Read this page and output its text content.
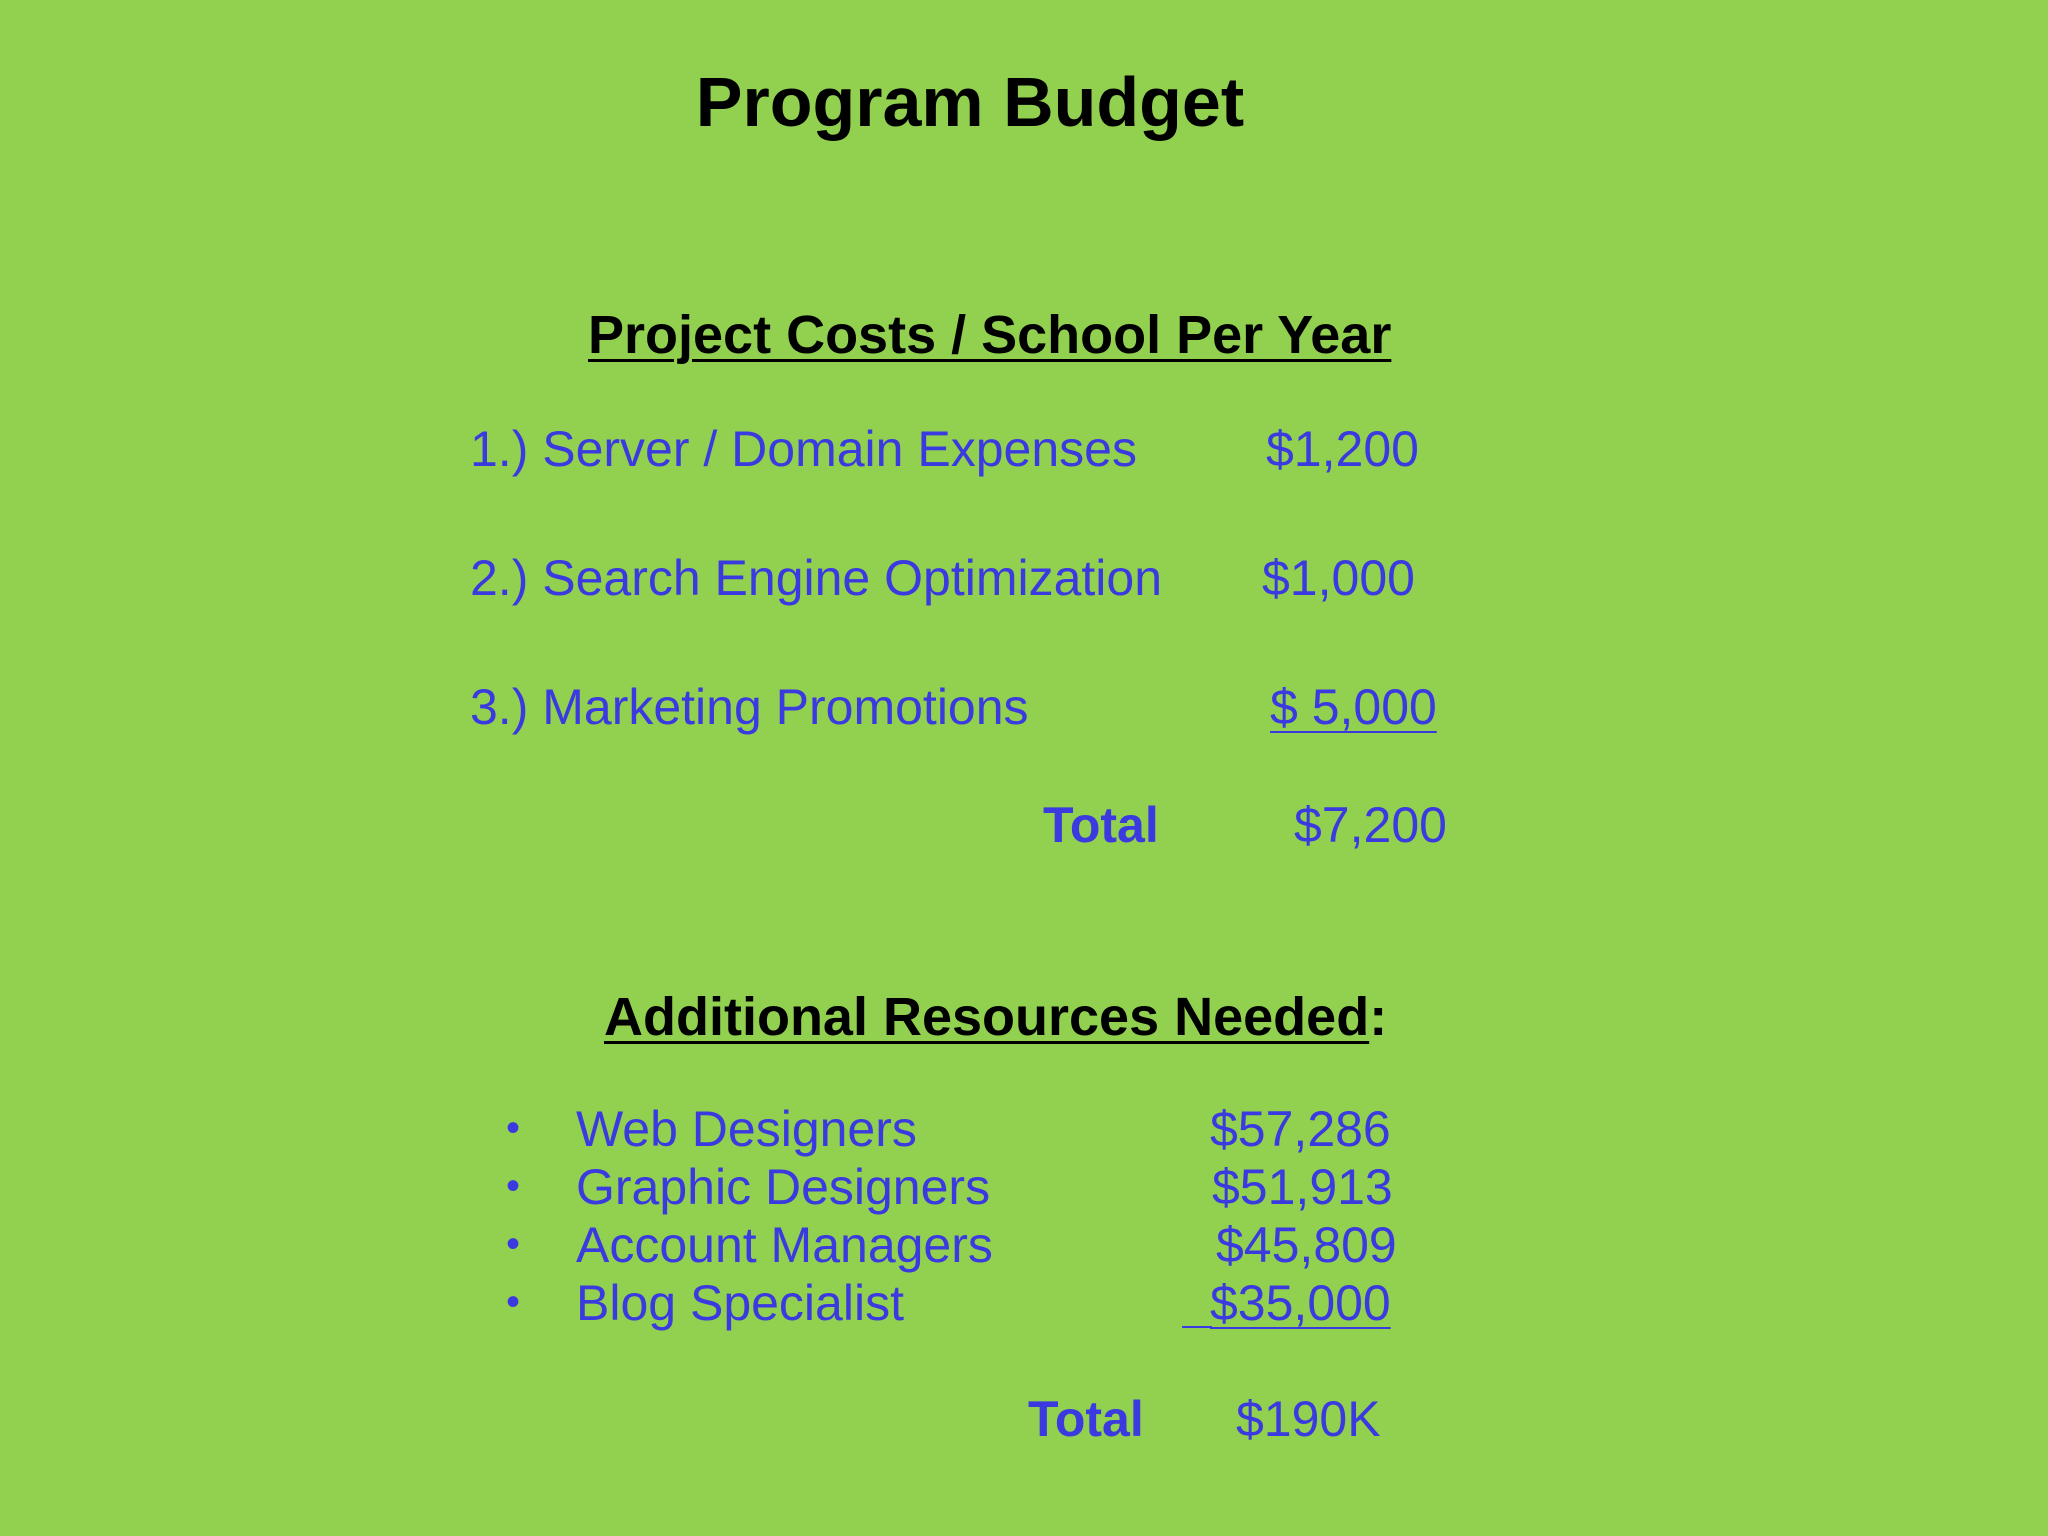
Program Budget
Project Costs / School Per Year
1.) Server / Domain Expenses	$1,200
2.) Search Engine Optimization $1,000
3.) Marketing Promotions	$ 5,000
Total	$7,200
Additional Resources Needed:
• Web Designers	$57,286
• Graphic Designers	$51,913
• Account Managers	$45,809
• Blog Specialist	$35,000
Total $190K
